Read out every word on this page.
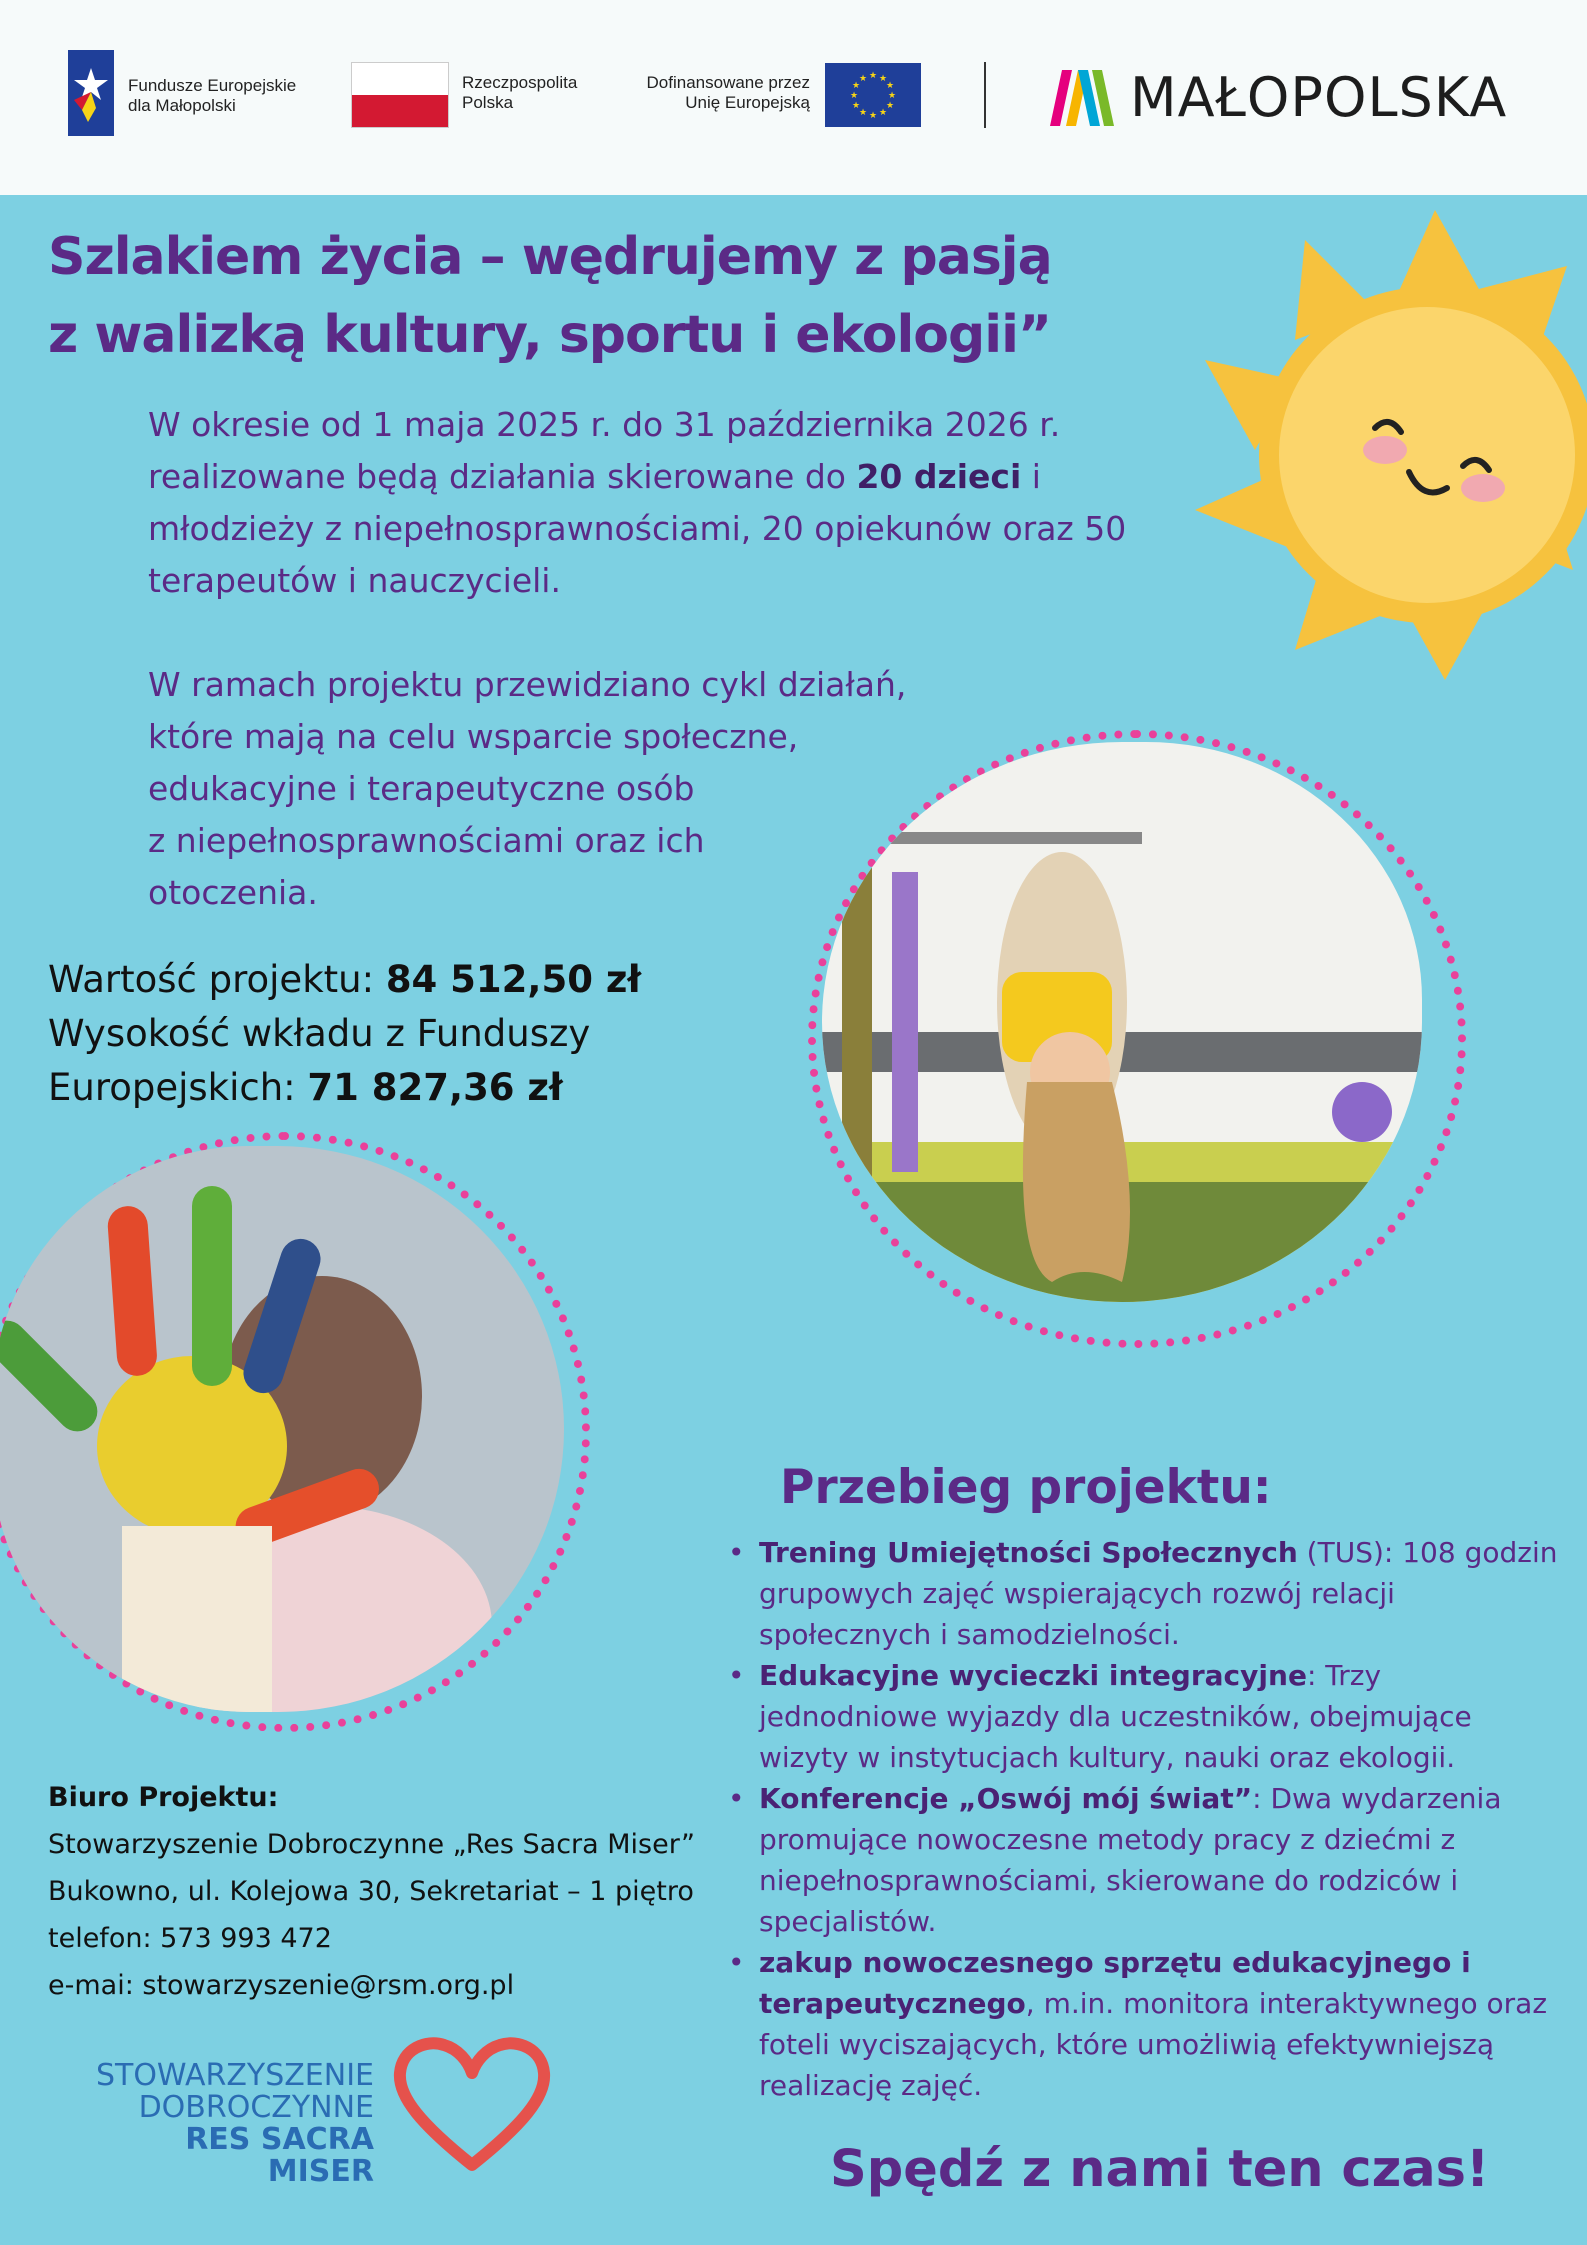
Fundusze Europejskie
dla Małopolski
Rzeczpospolita
Polska
Dofinansowane przez
Unię Europejską
★ ★
★
★
★
★
★
★
★
★
★
★	MAŁOPOLSKA
Szlakiem życia – wędrujemy z pasją
z walizką kultury, sportu i ekologii”
W okresie od 1 maja 2025 r. do 31 października 2026 r.
realizowane będą działania skierowane do 20 dzieci i
młodzieży z niepełnosprawnościami, 20 opiekunów oraz 50
terapeutów i nauczycieli.
W ramach projektu przewidziano cykl działań,
które mają na celu wsparcie społeczne,
edukacyjne i terapeutyczne osób
z niepełnosprawnościami oraz ich
otoczenia.
Wartość projektu: 84 512,50 zł
Wysokość wkładu z Funduszy
Europejskich: 71 827,36 zł
Przebieg projektu:
• Trening Umiejętności Społecznych (TUS): 108 godzin grupowych zajęć wspierających rozwój relacji społecznych i samodzielności.
• Edukacyjne wycieczki integracyjne: Trzy jednodniowe wyjazdy dla uczestników, obejmujące wizyty w instytucjach kultury, nauki oraz ekologii.
• Konferencje „Oswój mój świat”: Dwa wydarzenia promujące nowoczesne metody pracy z dziećmi z niepełnosprawnościami, skierowane do rodziców i specjalistów.
• zakup nowoczesnego sprzętu edukacyjnego i terapeutycznego, m.in. monitora interaktywnego oraz foteli wyciszających, które umożliwią efektywniejszą realizację zajęć.
Biuro Projektu:
Stowarzyszenie Dobroczynne „Res Sacra Miser”
Bukowno, ul. Kolejowa 30, Sekretariat – 1 piętro
telefon: 573 993 472
e-mai: stowarzyszenie@rsm.org.pl
STOWARZYSZENIE
DOBROCZYNNE
RES SACRA MISER	Spędź z nami ten czas!
